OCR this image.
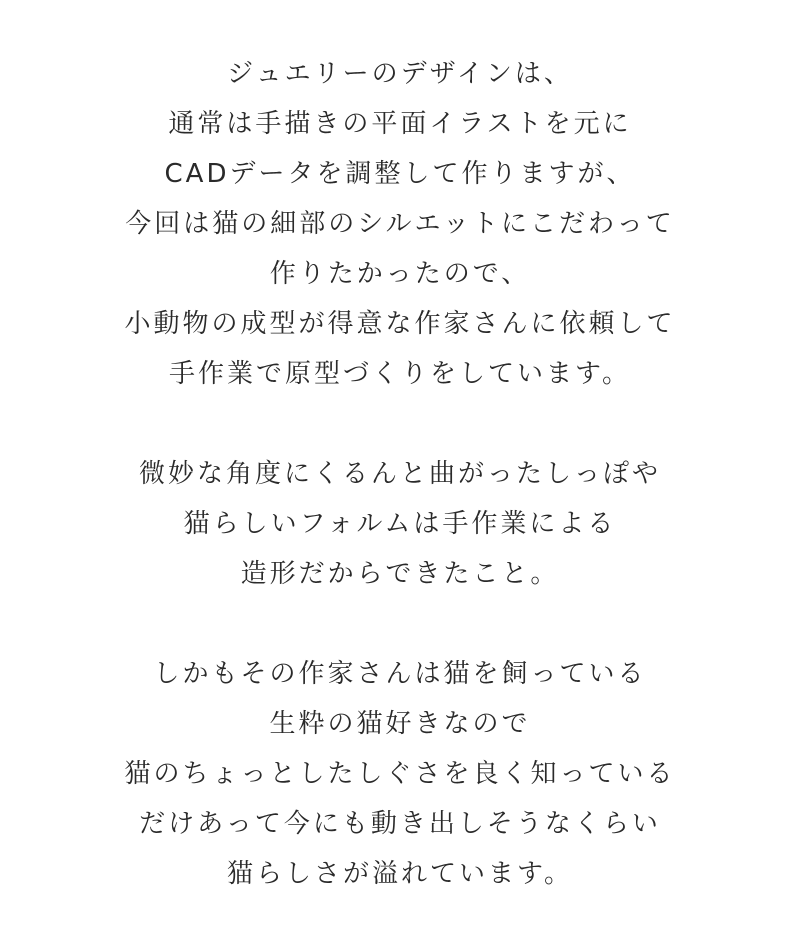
ジュエリーのデザインは、
通常は手描きの平面イラストを元に
CADデータを調整して作りますが、
今回は猫の細部のシルエットにこだわって
作りたかったので、
小動物の成型が得意な作家さんに依頼して
手作業で原型づくりをしています。

微妙な角度にくるんと曲がったしっぽや
猫らしいフォルムは手作業による
造形だからできたこと。

しかもその作家さんは猫を飼っている
生粋の猫好きなので
猫のちょっとしたしぐさを良く知っている
だけあって今にも動き出しそうなくらい
猫らしさが溢れています。
